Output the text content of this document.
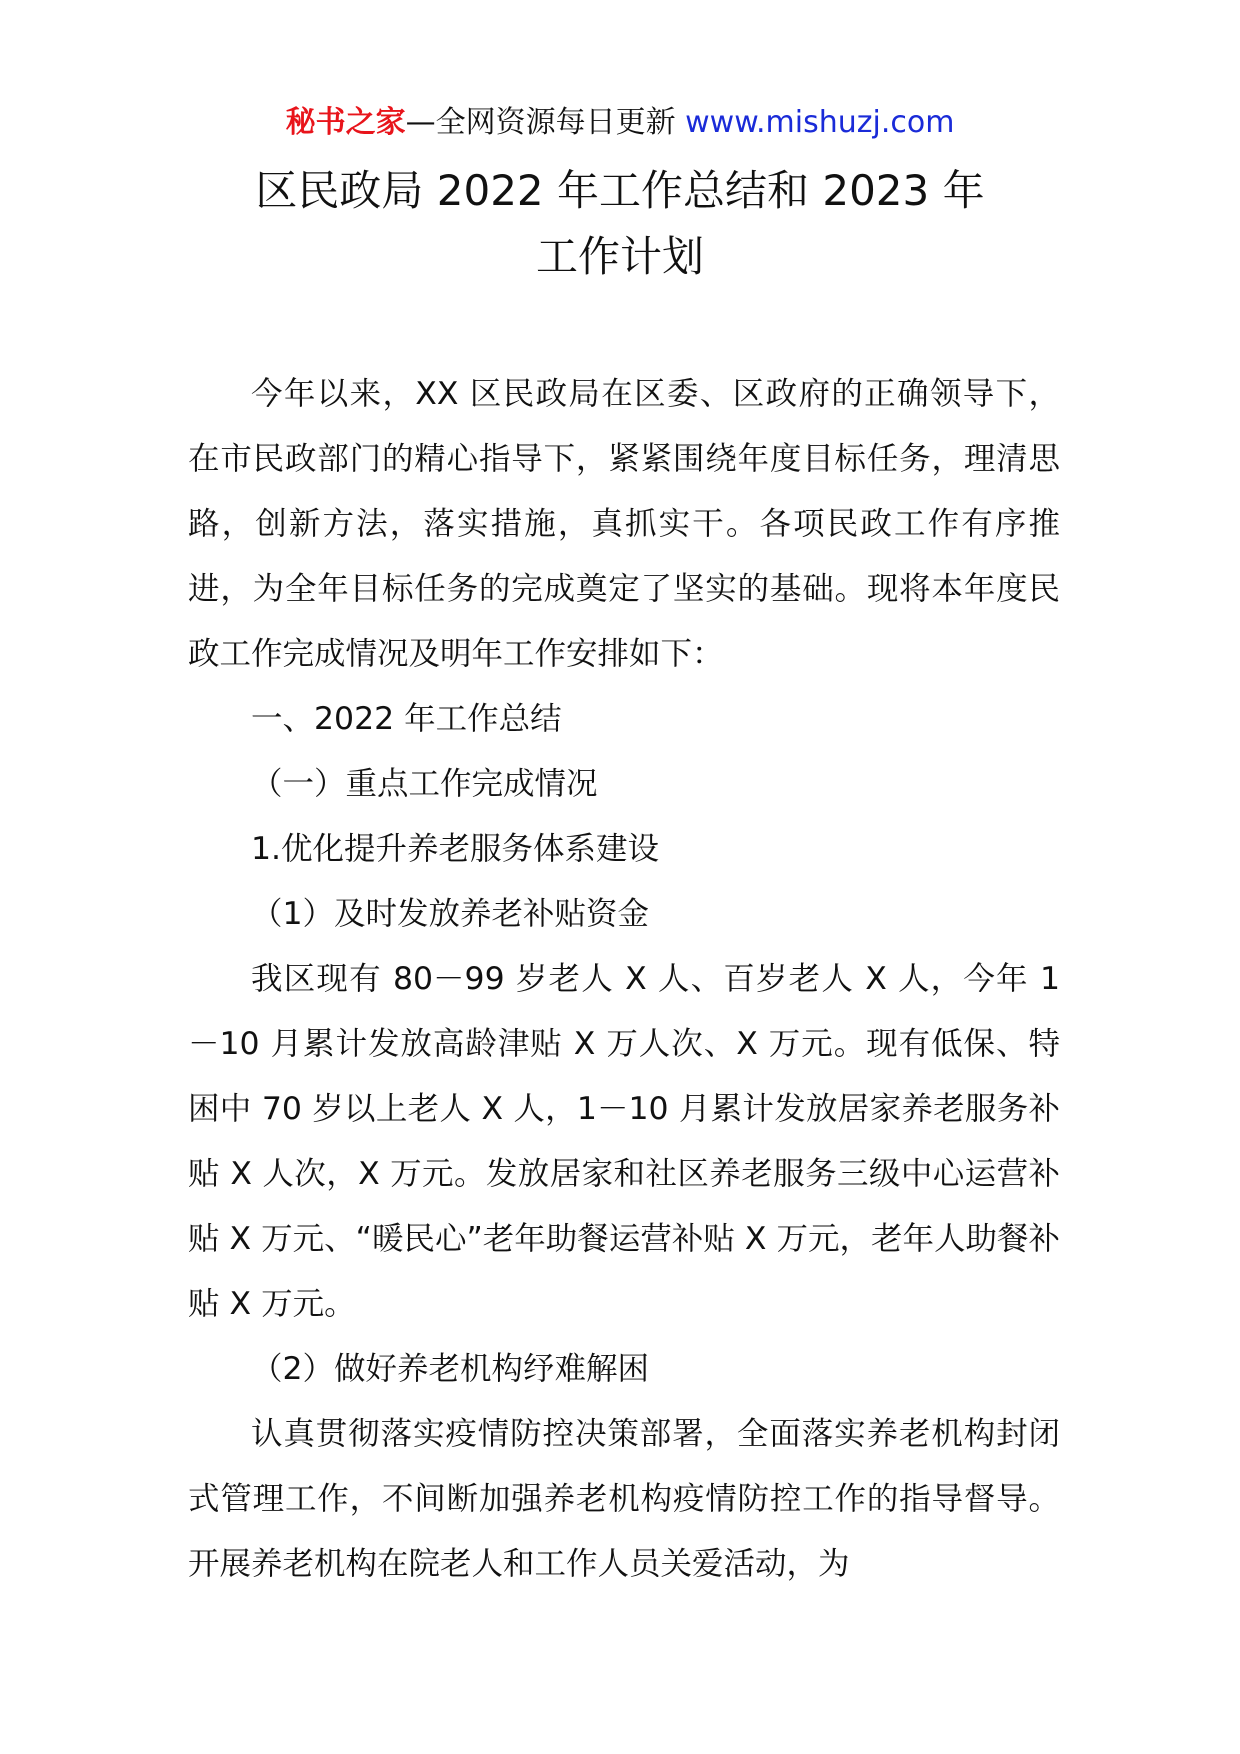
秘书之家—全网资源每日更新 www.mishuzj.com
区民政局 2022 年工作总结和 2023 年
工作计划

今年以来，XX 区民政局在区委、区政府的正确领导下，在市民政部门的精心指导下，紧紧围绕年度目标任务，理清思路，创新方法，落实措施，真抓实干。各项民政工作有序推进，为全年目标任务的完成奠定了坚实的基础。现将本年度民政工作完成情况及明年工作安排如下：

一、2022 年工作总结

（一）重点工作完成情况

1.优化提升养老服务体系建设

（1）及时发放养老补贴资金

我区现有 80－99 岁老人 X 人、百岁老人 X 人，今年 1－10 月累计发放高龄津贴 X 万人次、X 万元。现有低保、特困中 70 岁以上老人 X 人，1－10 月累计发放居家养老服务补贴 X 人次，X 万元。发放居家和社区养老服务三级中心运营补贴 X 万元、“暖民心”老年助餐运营补贴 X 万元，老年人助餐补贴 X 万元。

（2）做好养老机构纾难解困

认真贯彻落实疫情防控决策部署，全面落实养老机构封闭式管理工作，不间断加强养老机构疫情防控工作的指导督导。开展养老机构在院老人和工作人员关爱活动，为
